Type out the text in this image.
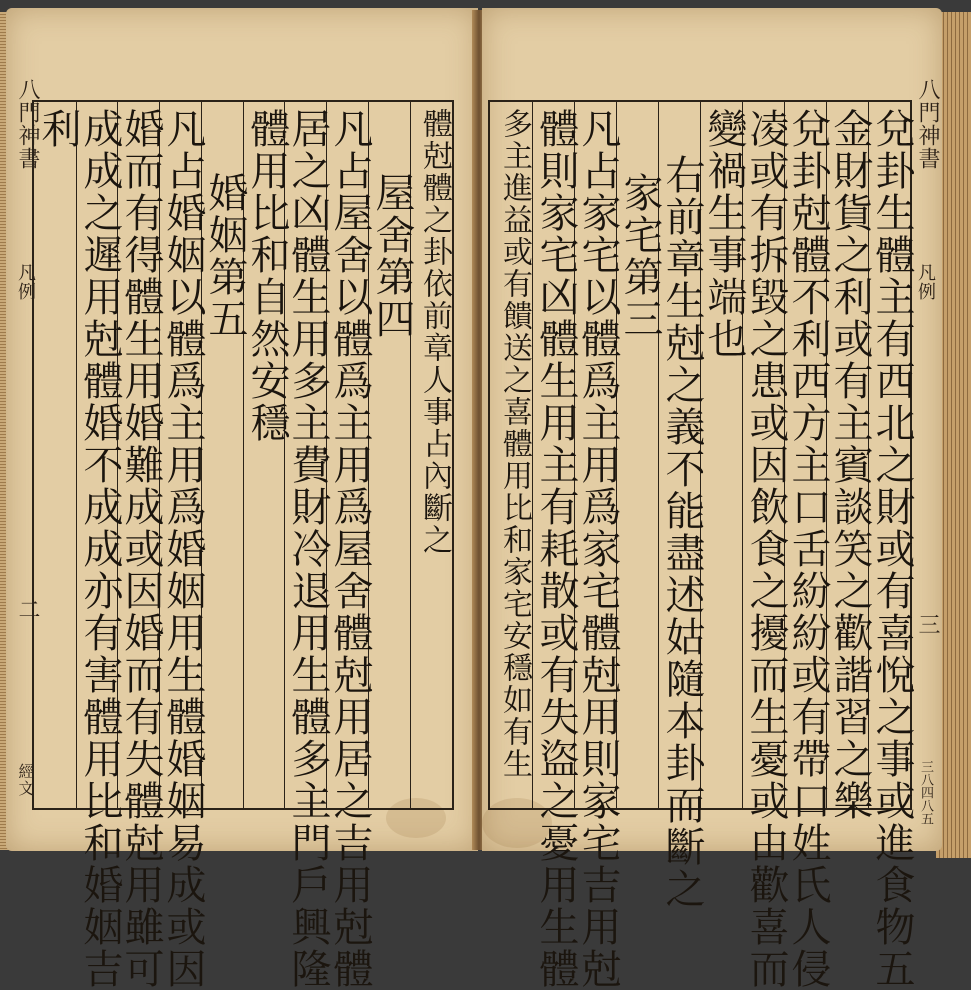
八門神書
凡例
二
經文
八門神書
凡例
三
三八四八五
體尅體之卦依前章人事占內斷之
屋舍第四
凡占屋舍以體爲主用爲屋舍體尅用居之吉用尅體
居之凶體生用多主費財冷退用生體多主門戶興隆
體用比和自然安穩
婚姻第五
凡占婚姻以體爲主用爲婚姻用生體婚姻易成或因
婚而有得體生用婚難成或因婚而有失體尅用雖可
成成之遲用尅體婚不成成亦有害體用比和婚姻吉
利	兌卦生體主有西北之財或有喜悅之事或進食物五
金財貨之利或有主賓談笑之歡諧習之樂
兌卦尅體不利西方主口舌紛紛或有帶口姓氏人侵
凌或有拆毀之患或因飲食之擾而生憂或由歡喜而
變禍生事端也
右前章生尅之義不能盡述姑隨本卦而斷之
家宅第三
凡占家宅以體爲主用爲家宅體尅用則家宅吉用尅
體則家宅凶體生用主有耗散或有失盜之憂用生體
多主進益或有饋送之喜體用比和家宅安穩如有生
